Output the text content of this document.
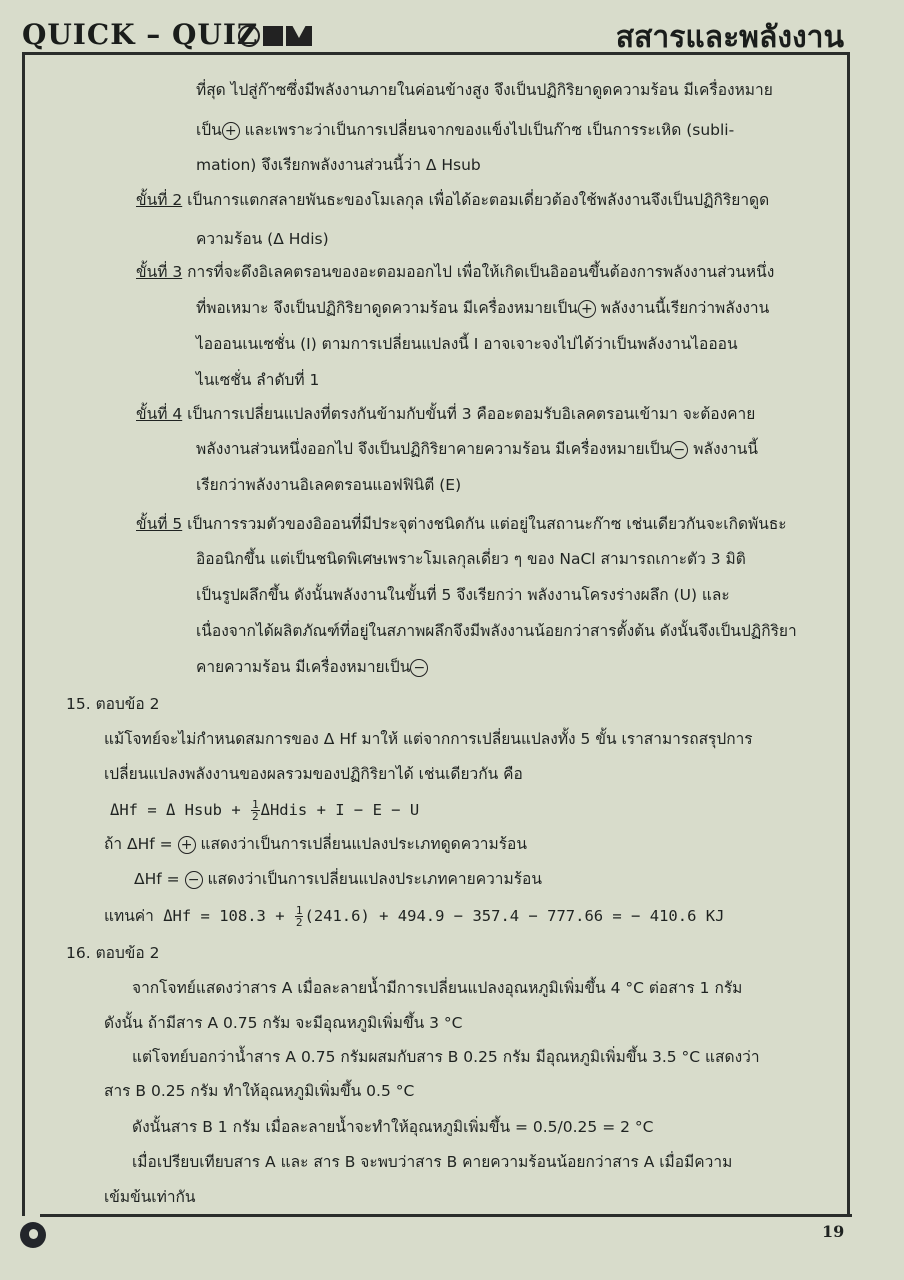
QUICK – QUIZ	สสารและพลังงาน
ที่สุด ไปสู่ก๊าซซึ่งมีพลังงานภายในค่อนข้างสูง จึงเป็นปฏิกิริยาดูดความร้อน มีเครื่องหมาย
เป็น + และเพราะว่าเป็นการเปลี่ยนจากของแข็งไปเป็นก๊าซ เป็นการระเหิด (subli-
mation) จึงเรียกพลังงานส่วนนี้ว่า Δ Hsub
ขั้นที่ 2 เป็นการแตกสลายพันธะของโมเลกุล เพื่อได้อะตอมเดี่ยวต้องใช้พลังงานจึงเป็นปฏิกิริยาดูด
ความร้อน (Δ Hdis)
ขั้นที่ 3 การที่จะดึงอิเลคตรอนของอะตอมออกไป เพื่อให้เกิดเป็นอิออนขึ้นต้องการพลังงานส่วนหนึ่ง
ที่พอเหมาะ จึงเป็นปฏิกิริยาดูดความร้อน มีเครื่องหมายเป็น + พลังงานนี้เรียกว่าพลังงาน
ไอออนเนเซชั่น (I) ตามการเปลี่ยนแปลงนี้ I อาจเจาะจงไปได้ว่าเป็นพลังงานไอออน
ไนเซชั่น ลำดับที่ 1
ขั้นที่ 4 เป็นการเปลี่ยนแปลงที่ตรงกันข้ามกับขั้นที่ 3 คืออะตอมรับอิเลคตรอนเข้ามา จะต้องคาย
พลังงานส่วนหนึ่งออกไป จึงเป็นปฏิกิริยาคายความร้อน มีเครื่องหมายเป็น − พลังงานนี้
เรียกว่าพลังงานอิเลคตรอนแอฟฟินิตี (E)
ขั้นที่ 5 เป็นการรวมตัวของอิออนที่มีประจุต่างชนิดกัน แต่อยู่ในสถานะก๊าซ เช่นเดียวกันจะเกิดพันธะ
อิออนิกขึ้น แต่เป็นชนิดพิเศษเพราะโมเลกุลเดี่ยว ๆ ของ NaCl สามารถเกาะตัว 3 มิติ
เป็นรูปผลึกขึ้น ดังนั้นพลังงานในขั้นที่ 5 จึงเรียกว่า พลังงานโครงร่างผลึก (U) และ
เนื่องจากได้ผลิตภัณฑ์ที่อยู่ในสภาพผลึกจึงมีพลังงานน้อยกว่าสารตั้งต้น ดังนั้นจึงเป็นปฏิกิริยา
คายความร้อน มีเครื่องหมายเป็น −
15. ตอบข้อ 2
แม้โจทย์จะไม่กำหนดสมการของ Δ Hf มาให้ แต่จากการเปลี่ยนแปลงทั้ง 5 ขั้น เราสามารถสรุปการ
เปลี่ยนแปลงพลังงานของผลรวมของปฏิกิริยาได้ เช่นเดียวกัน คือ
ΔHf = Δ Hsub + $\frac{1}{2}$ ΔHdis + I − E − U
ถ้า ΔHf = + แสดงว่าเป็นการเปลี่ยนแปลงประเภทดูดความร้อน
ΔHf = − แสดงว่าเป็นการเปลี่ยนแปลงประเภทคายความร้อน
แทนค่า $\Delta Hf = 108.3 + \frac{1}{2} (241.6) + 494.9 - 357.4 - 777.66$ = − 410.6 KJ
16. ตอบข้อ 2
จากโจทย์แสดงว่าสาร A เมื่อละลายน้ำมีการเปลี่ยนแปลงอุณหภูมิเพิ่มขึ้น 4 °C ต่อสาร 1 กรัม
ดังนั้น ถ้ามีสาร A 0.75 กรัม จะมีอุณหภูมิเพิ่มขึ้น 3 °C
แต่โจทย์บอกว่าน้ำสาร A 0.75 กรัมผสมกับสาร B 0.25 กรัม มีอุณหภูมิเพิ่มขึ้น 3.5 °C แสดงว่า
สาร B 0.25 กรัม ทำให้อุณหภูมิเพิ่มขึ้น 0.5 °C
ดังนั้นสาร B 1 กรัม เมื่อละลายน้ำจะทำให้อุณหภูมิเพิ่มขึ้น = 0.5/0.25 = 2 °C
เมื่อเปรียบเทียบสาร A และ สาร B จะพบว่าสาร B คายความร้อนน้อยกว่าสาร A เมื่อมีความ
เข้มข้นเท่ากัน
19
